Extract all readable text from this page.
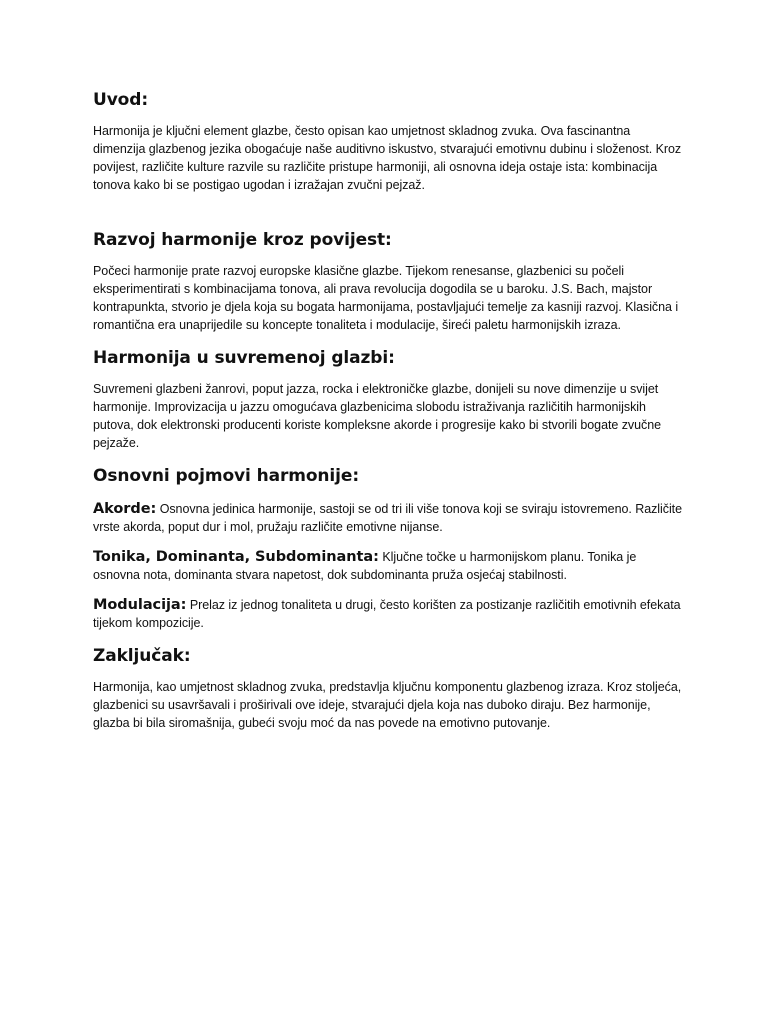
Uvod:

Harmonija je ključni element glazbe, često opisan kao umjetnost skladnog zvuka. Ova fascinantna dimenzija glazbenog jezika obogaćuje naše auditivno iskustvo, stvarajući emotivnu dubinu i složenost. Kroz povijest, različite kulture razvile su različite pristupe harmoniji, ali osnovna ideja ostaje ista: kombinacija tonova kako bi se postigao ugodan i izražajan zvučni pejzaž.

Razvoj harmonije kroz povijest:

Počeci harmonije prate razvoj europske klasične glazbe. Tijekom renesanse, glazbenici su počeli eksperimentirati s kombinacijama tonova, ali prava revolucija dogodila se u baroku. J.S. Bach, majstor kontrapunkta, stvorio je djela koja su bogata harmonijama, postavljajući temelje za kasniji razvoj. Klasična i romantična era unaprijedile su koncepte tonaliteta i modulacije, šireći paletu harmonijskih izraza.

Harmonija u suvremenoj glazbi:

Suvremeni glazbeni žanrovi, poput jazza, rocka i elektroničke glazbe, donijeli su nove dimenzije u svijet harmonije. Improvizacija u jazzu omogućava glazbenicima slobodu istraživanja različitih harmonijskih putova, dok elektronski producenti koriste kompleksne akorde i progresije kako bi stvorili bogate zvučne pejzaže.

Osnovni pojmovi harmonije:

Akorde: Osnovna jedinica harmonije, sastoji se od tri ili više tonova koji se sviraju istovremeno. Različite vrste akorda, poput dur i mol, pružaju različite emotivne nijanse.

Tonika, Dominanta, Subdominanta: Ključne točke u harmonijskom planu. Tonika je osnovna nota, dominanta stvara napetost, dok subdominanta pruža osjećaj stabilnosti.

Modulacija: Prelaz iz jednog tonaliteta u drugi, često korišten za postizanje različitih emotivnih efekata tijekom kompozicije.

Zaključak:

Harmonija, kao umjetnost skladnog zvuka, predstavlja ključnu komponentu glazbenog izraza. Kroz stoljeća, glazbenici su usavršavali i proširivali ove ideje, stvarajući djela koja nas duboko diraju. Bez harmonije, glazba bi bila siromašnija, gubeći svoju moć da nas povede na emotivno putovanje.
